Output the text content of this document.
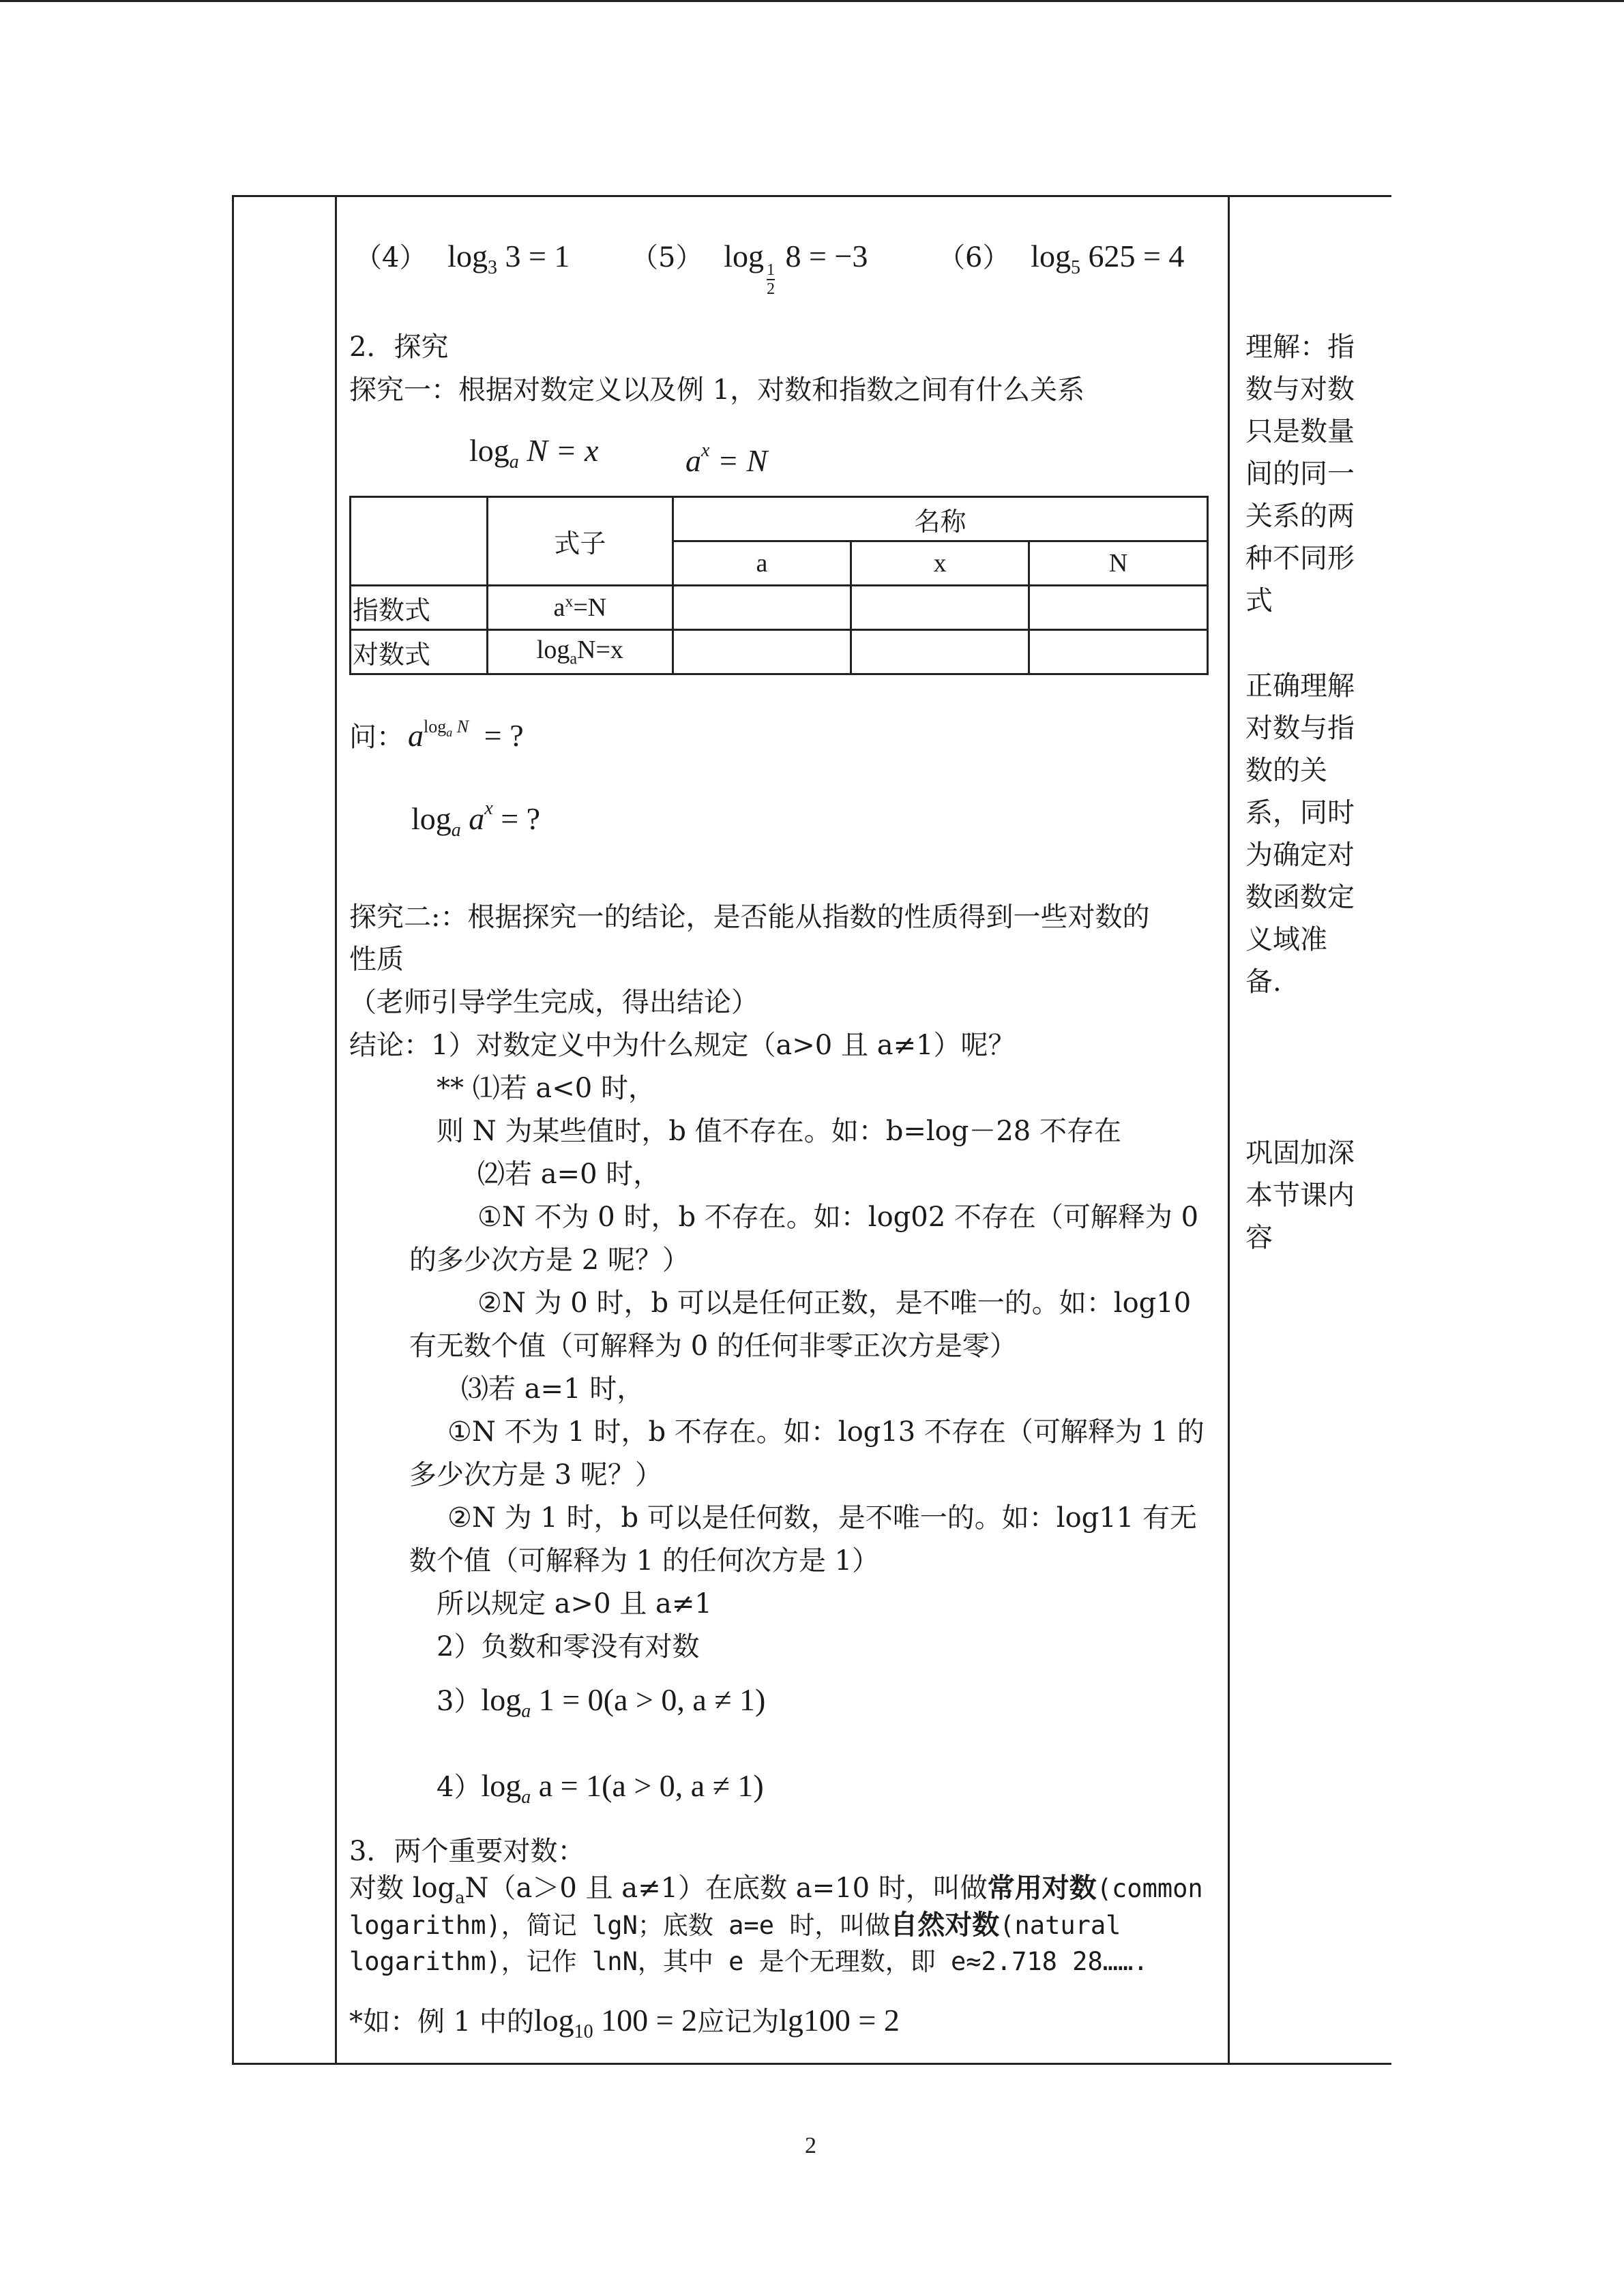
（4） $\log_3 3 = 1$ （5） $\log\frac{1}{2}$
8 = −3	（6） $\log_5 625 = 4$
2．探究
探究一：根据对数定义以及例 1，对数和指数之间有什么关系
$\log_a N = x$	$a^x = N$
	式子	名称		
		a	x	N
指数式	$a^x=N$			
对数式	$\log_aN=x$			
问： $a^{log_a N}$ = ?
$\log_a a^x$ = ?
探究二:：根据探究一的结论，是否能从指数的性质得到一些对数的
性质
（老师引导学生完成，得出结论）
结论：1）对数定义中为什么规定（a>0 且 a≠1）呢？
** ⑴若 a<0 时，
则 N 为某些值时，b 值不存在。如：b=log－28 不存在
⑵若 a=0 时，
①N 不为 0 时，b 不存在。如：log02 不存在（可解释为 0
的多少次方是 2 呢？）
②N 为 0 时，b 可以是任何正数，是不唯一的。如：log10
有无数个值（可解释为 0 的任何非零正次方是零）
⑶若 a=1 时，
①N 不为 1 时，b 不存在。如：log13 不存在（可解释为 1 的
多少次方是 3 呢？）
②N 为 1 时，b 可以是任何数，是不唯一的。如：log11 有无
数个值（可解释为 1 的任何次方是 1）
所以规定 a>0 且 a≠1
2）负数和零没有对数
$3)\log_a$ 1 = 0(a > 0, a ≠ 1)
$4)\log_a$ a = 1(a > 0, a ≠ 1)
3．两个重要对数：
对数 $\log_aN(a>0$ 且 a≠1）在底数 a=10 时，叫做常用对数(common
logarithm)，简记 lgN；底数 a=e 时，叫做自然对数(natural
logarithm)，记作 lnN，其中 e 是个无理数，即 e≈2.718 28…….
*如：例 1 中的$\log_{10} 100 = 2$应记为lg100 = 2
理解：指
数与对数
只是数量
间的同一
关系的两
种不同形
式
正确理解
对数与指
数的关
系，同时
为确定对
数函数定
义域准
备.
巩固加深
本节课内
容
2
